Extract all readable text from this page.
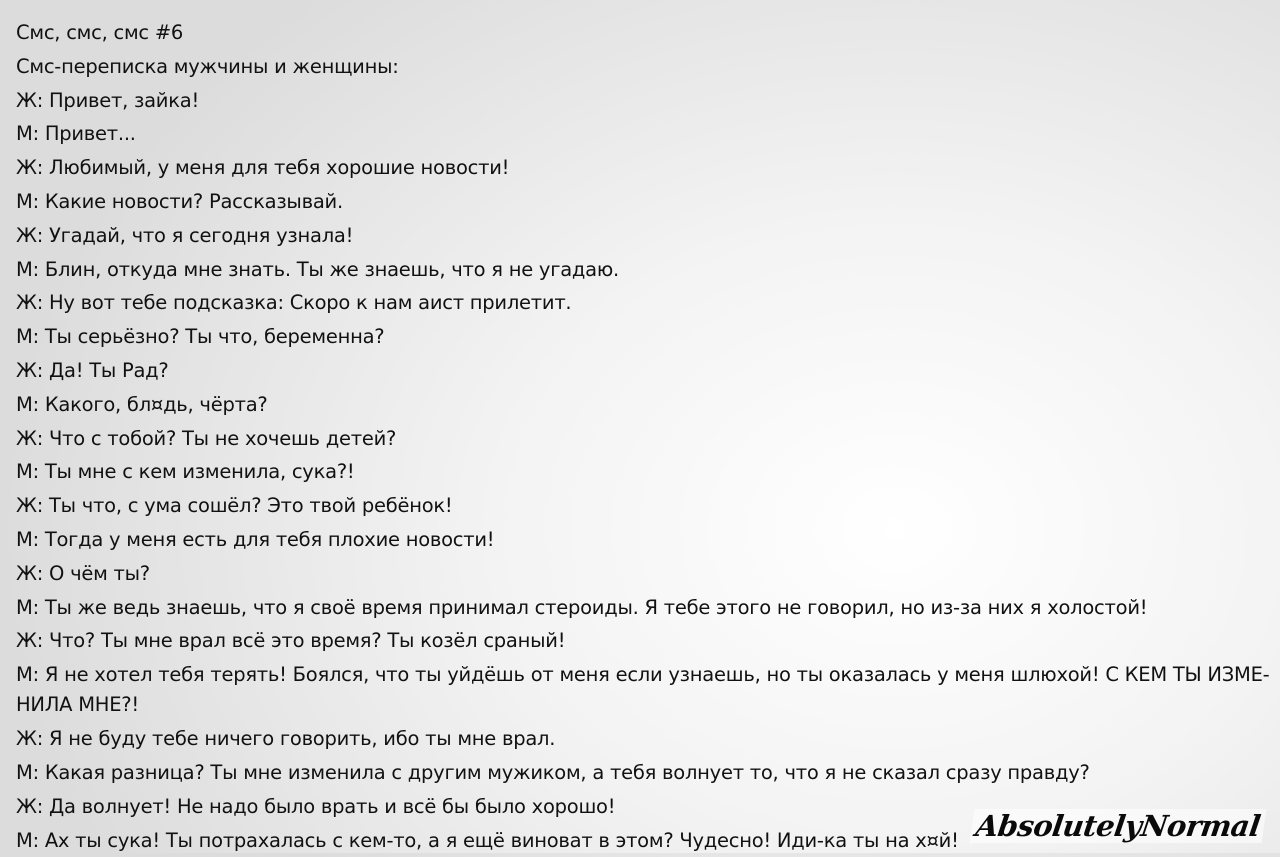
Смс, смс, смс #6
Смс-переписка мужчины и женщины:
Ж: Привет, зайка!
М: Привет...
Ж: Любимый, у меня для тебя хорошие новости!
М: Какие новости? Рассказывай.
Ж: Угадай, что я сегодня узнала!
М: Блин, откуда мне знать. Ты же знаешь, что я не угадаю.
Ж: Ну вот тебе подсказка: Скоро к нам аист прилетит.
М: Ты серьёзно? Ты что, беременна?
Ж: Да! Ты Рад?
М: Какого, бл¤дь, чёрта?
Ж: Что с тобой? Ты не хочешь детей?
М: Ты мне с кем изменила, сука?!
Ж: Ты что, с ума сошёл? Это твой ребёнок!
М: Тогда у меня есть для тебя плохие новости!
Ж: О чём ты?
М: Ты же ведь знаешь, что я своё время принимал стероиды. Я тебе этого не говорил, но из-за них я холостой!
Ж: Что? Ты мне врал всё это время? Ты козёл сраный!
М: Я не хотел тебя терять! Боялся, что ты уйдёшь от меня если узнаешь, но ты оказалась у меня шлюхой! С КЕМ ТЫ ИЗМЕ- НИЛА МНЕ?!
Ж: Я не буду тебе ничего говорить, ибо ты мне врал.
М: Какая разница? Ты мне изменила с другим мужиком, а тебя волнует то, что я не сказал сразу правду?
Ж: Да волнует! Не надо было врать и всё бы было хорошо!
М: Ах ты сука! Ты потрахалась с кем-то, а я ещё виноват в этом? Чудесно! Иди-ка ты на х¤й! AbsolutelyNormal
